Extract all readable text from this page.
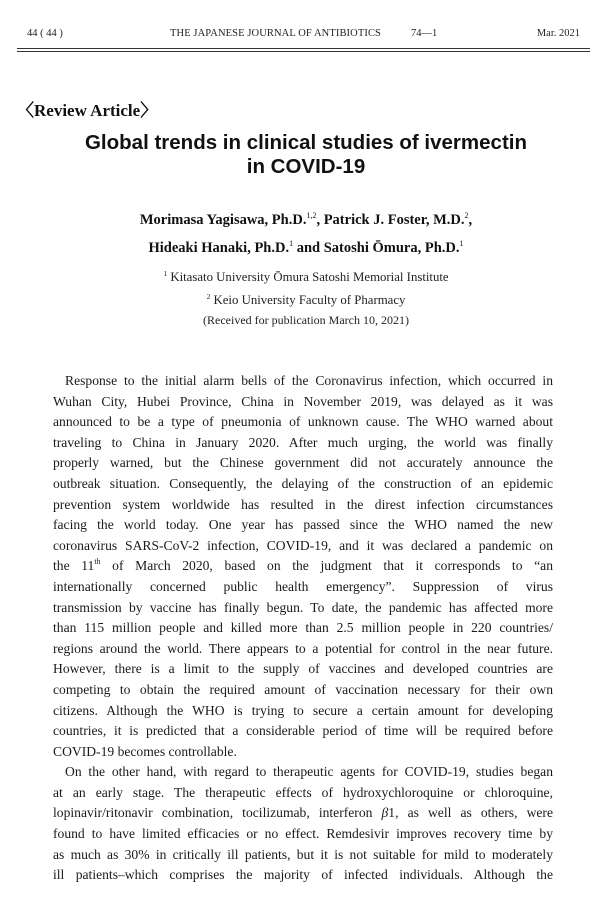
44 ( 44 )	THE JAPANESE JOURNAL OF ANTIBIOTICS	74—1	Mar. 2021
〈Review Article〉
Global trends in clinical studies of ivermectin
in COVID-19
Morimasa Yagisawa, Ph.D.$^{1,2}$, Patrick J. Foster, M.D.$^2$,
Hideaki Hanaki, Ph.D.$^1$ and Satoshi Ōmura, Ph.D.$^1$
$^1$ Kitasato University Ōmura Satoshi Memorial Institute
$^2$ Keio University Faculty of Pharmacy
(Received for publication March 10, 2021)
Response to the initial alarm bells of the Coronavirus infection, which occurred in
Wuhan City, Hubei Province, China in November 2019, was delayed as it was
announced to be a type of pneumonia of unknown cause. The WHO warned about
traveling to China in January 2020. After much urging, the world was finally
properly warned, but the Chinese government did not accurately announce the
outbreak situation. Consequently, the delaying of the construction of an epidemic
prevention system worldwide has resulted in the direst infection circumstances
facing the world today. One year has passed since the WHO named the new
coronavirus SARS-CoV-2 infection, COVID-19, and it was declared a pandemic on
the 11th of March 2020, based on the judgment that it corresponds to “an
internationally concerned public health emergency”. Suppression of virus
transmission by vaccine has finally begun. To date, the pandemic has affected more
than 115 million people and killed more than 2.5 million people in 220 countries/
regions around the world. There appears to a potential for control in the near future.
However, there is a limit to the supply of vaccines and developed countries are
competing to obtain the required amount of vaccination necessary for their own
citizens. Although the WHO is trying to secure a certain amount for developing
countries, it is predicted that a considerable period of time will be required before
COVID-19 becomes controllable.
On the other hand, with regard to therapeutic agents for COVID-19, studies began
at an early stage. The therapeutic effects of hydroxychloroquine or chloroquine,
lopinavir/ritonavir combination, tocilizumab, interferon β1, as well as others, were
found to have limited efficacies or no effect. Remdesivir improves recovery time by
as much as 30% in critically ill patients, but it is not suitable for mild to moderately
ill patients–which comprises the majority of infected individuals. Although the
